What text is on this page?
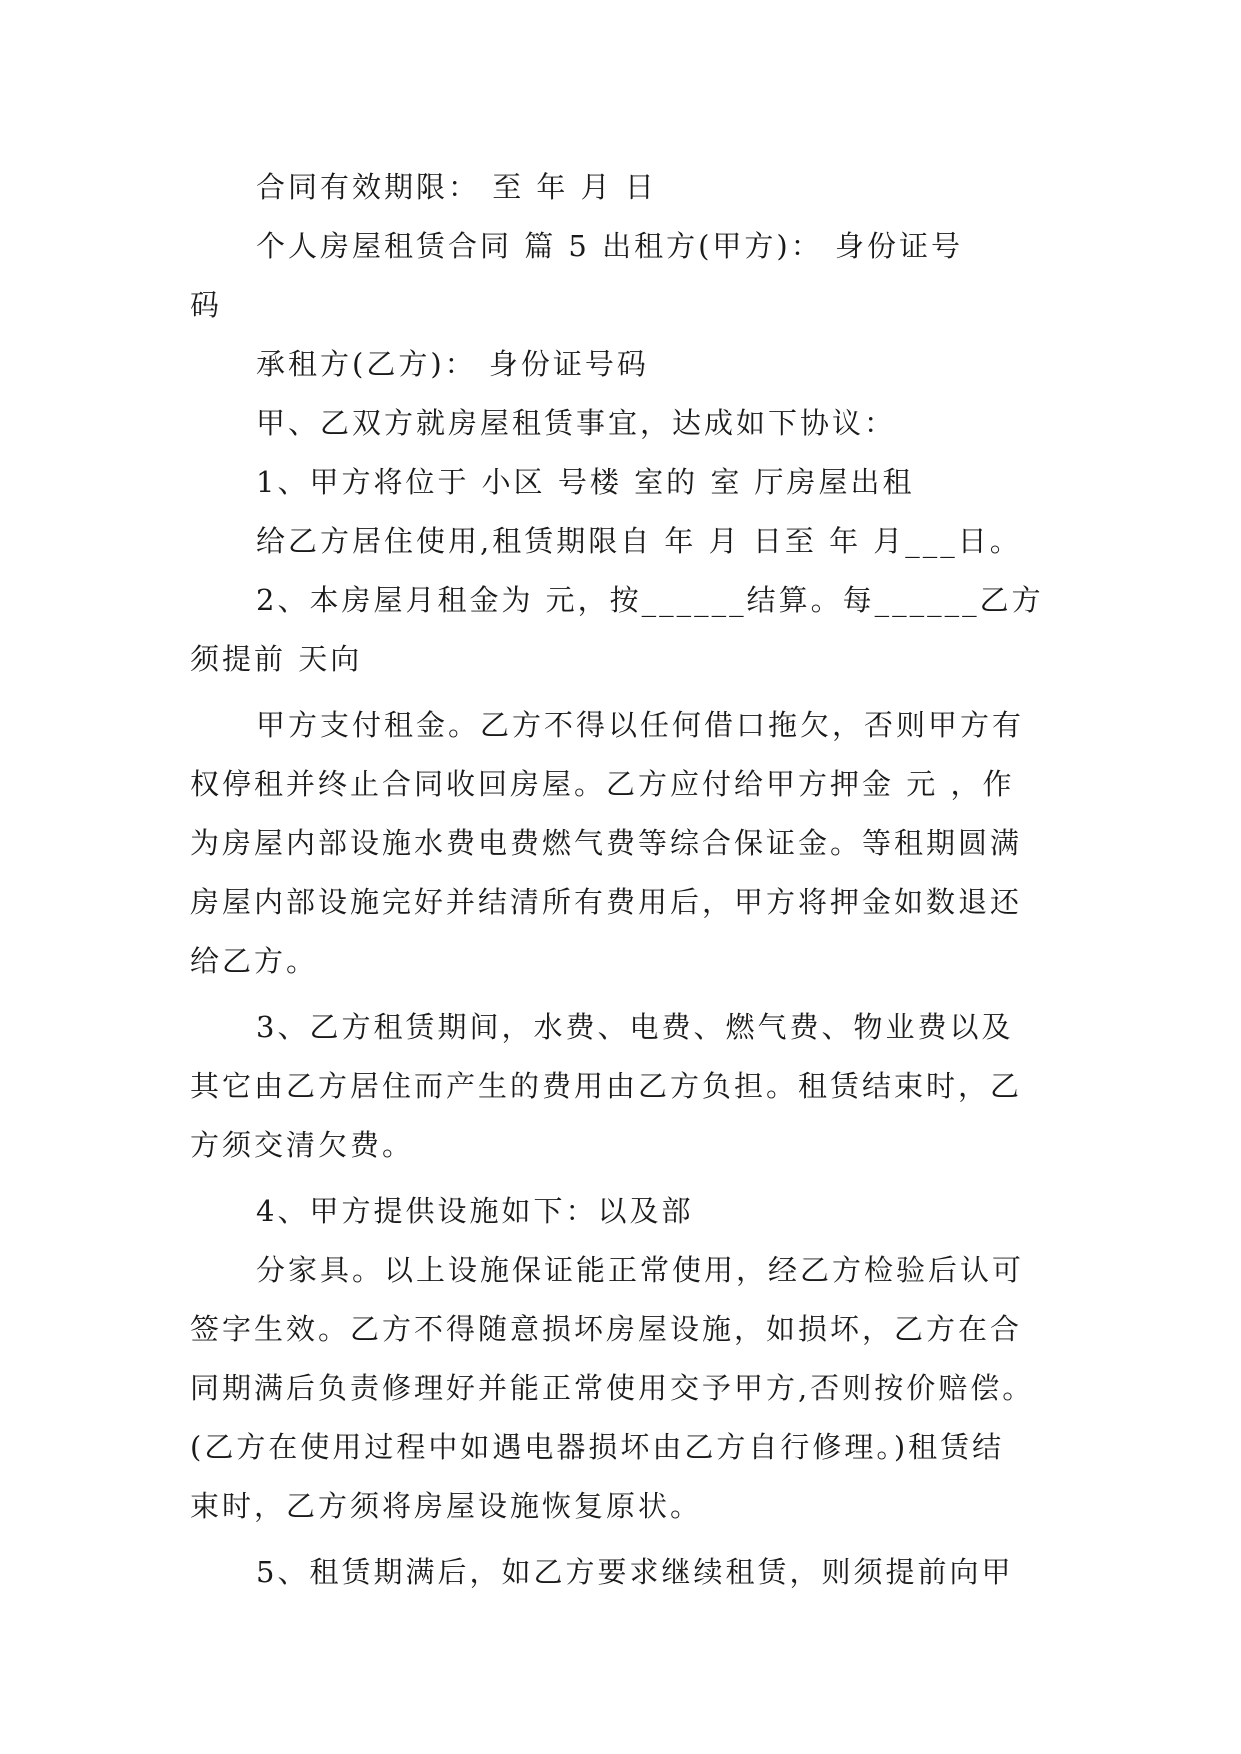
合同有效期限： 至 年 月 日
个人房屋租赁合同 篇 5 出租方(甲方)： 身份证号
码
承租方(乙方)： 身份证号码
甲、乙双方就房屋租赁事宜，达成如下协议：
1、甲方将位于 小区 号楼 室的 室 厅房屋出租
给乙方居住使用,租赁期限自 年 月 日至 年 月___日。
2、本房屋月租金为 元，按______结算。每______乙方
须提前 天向
甲方支付租金。乙方不得以任何借口拖欠，否则甲方有
权停租并终止合同收回房屋。乙方应付给甲方押金 元 ，作
为房屋内部设施水费电费燃气费等综合保证金。等租期圆满
房屋内部设施完好并结清所有费用后，甲方将押金如数退还
给乙方。
3、乙方租赁期间，水费、电费、燃气费、物业费以及
其它由乙方居住而产生的费用由乙方负担。租赁结束时，乙
方须交清欠费。
4、甲方提供设施如下：以及部
分家具。以上设施保证能正常使用，经乙方检验后认可
签字生效。乙方不得随意损坏房屋设施，如损坏，乙方在合
同期满后负责修理好并能正常使用交予甲方,否则按价赔偿。
(乙方在使用过程中如遇电器损坏由乙方自行修理。)租赁结
束时，乙方须将房屋设施恢复原状。
5、租赁期满后，如乙方要求继续租赁，则须提前向甲
